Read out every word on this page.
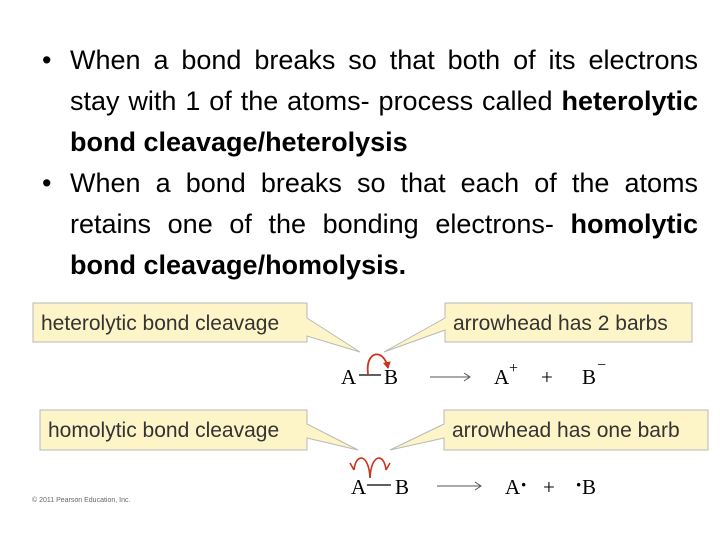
• When a bond breaks so that both of its electrons stay with 1 of the atoms- process called heterolytic bond cleavage/heterolysis
• When a bond breaks so that each of the atoms retains one of the bonding electrons- homolytic bond cleavage/homolysis.
heterolytic bond cleavage	arrowhead has 2 barbs
A B	A + + B −
homolytic bond cleavage	arrowhead has one barb
A B	A · + · B
© 2011 Pearson Education, Inc.
